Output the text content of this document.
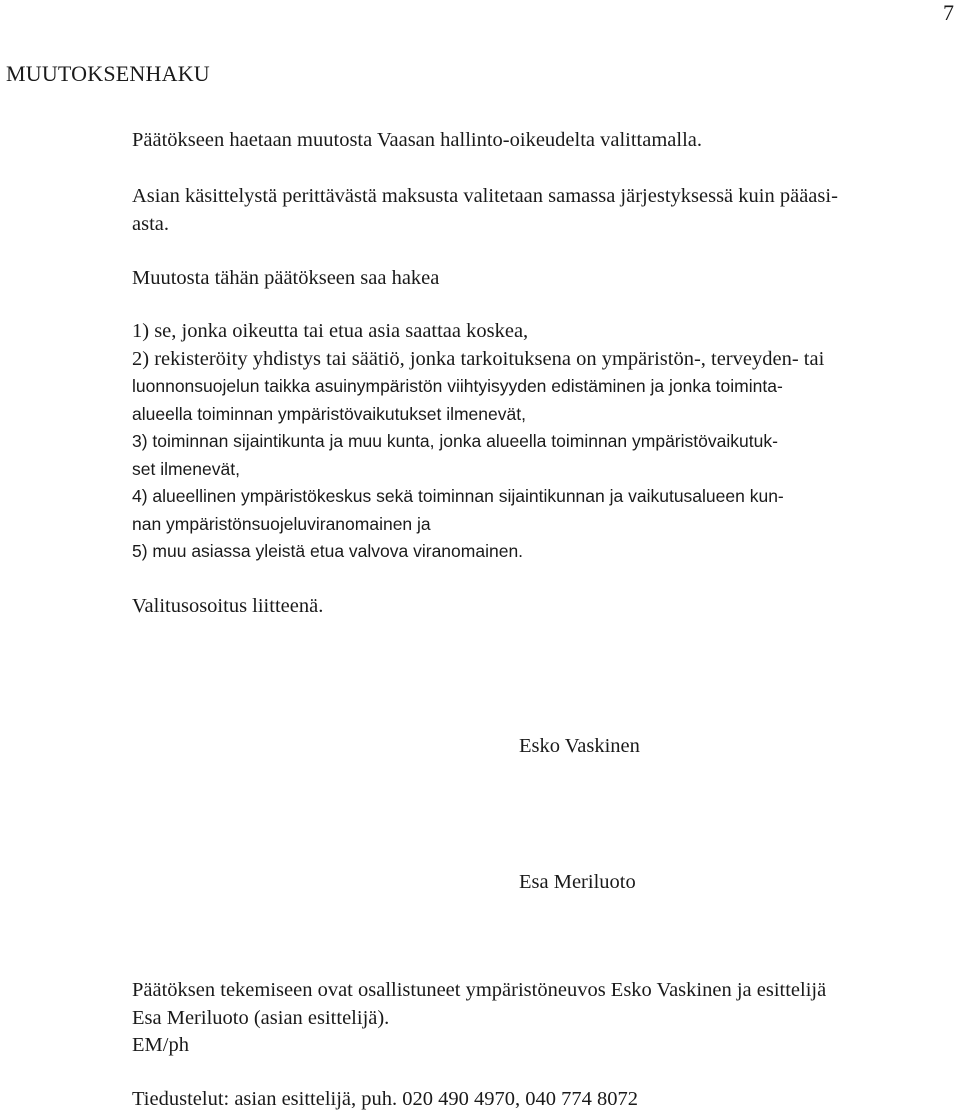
7
MUUTOKSENHAKU

Päätökseen haetaan muutosta Vaasan hallinto-oikeudelta valittamalla.

Asian käsittelystä perittävästä maksusta valitetaan samassa järjestyksessä kuin pääasi-
asta.

Muutosta tähän päätökseen saa hakea

1) se, jonka oikeutta tai etua asia saattaa koskea,
2) rekisteröity yhdistys tai säätiö, jonka tarkoituksena on ympäristön-, terveyden- tai
luonnonsuojelun taikka asuinympäristön viihtyisyyden edistäminen ja jonka toiminta-
alueella toiminnan ympäristövaikutukset ilmenevät,
3) toiminnan sijaintikunta ja muu kunta, jonka alueella toiminnan ympäristövaikutuk-
set ilmenevät,
4) alueellinen ympäristökeskus sekä toiminnan sijaintikunnan ja vaikutusalueen kun-
nan ympäristönsuojeluviranomainen ja
5) muu asiassa yleistä etua valvova viranomainen.

Valitusosoitus liitteenä.

Esko Vaskinen
Esa Meriluoto

Päätöksen tekemiseen ovat osallistuneet ympäristöneuvos Esko Vaskinen ja esittelijä
Esa Meriluoto (asian esittelijä).
EM/ph

Tiedustelut: asian esittelijä, puh. 020 490 4970, 040 774 8072
